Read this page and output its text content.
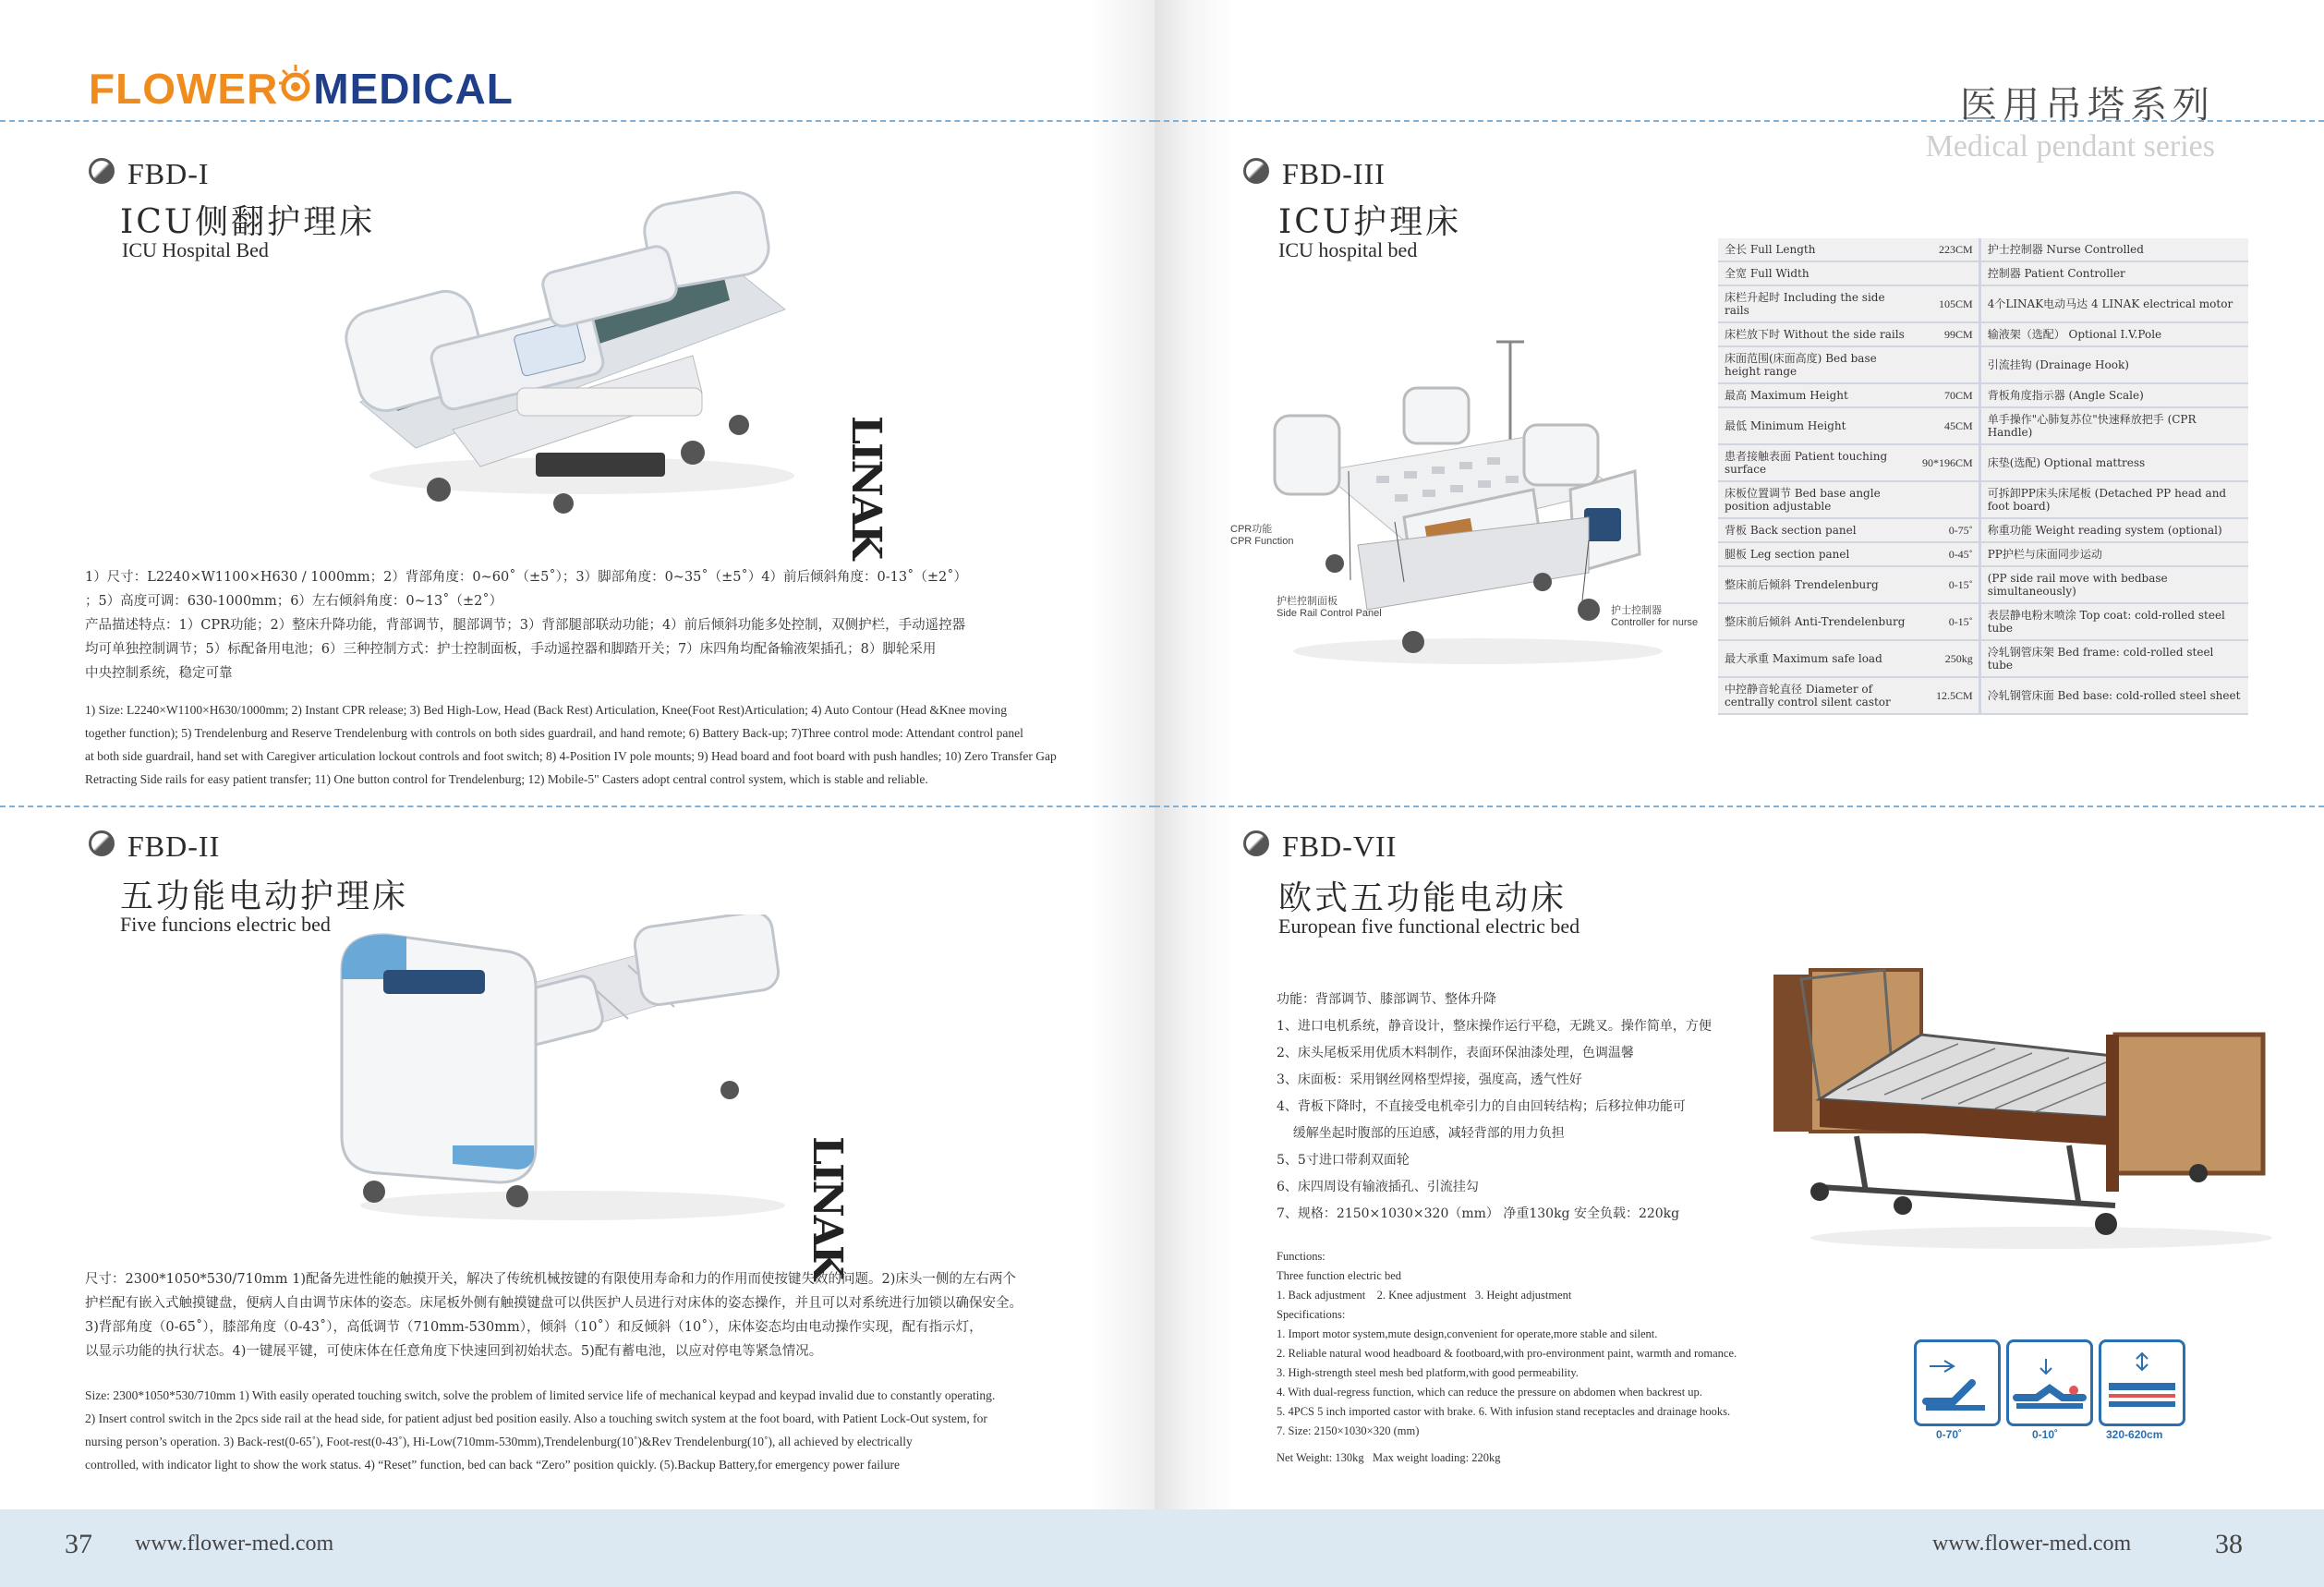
FLOWER MEDICAL
FBD-I
ICU侧翻护理床
ICU Hospital Bed
LINAK
1）尺寸：L2240×W1100×H630 / 1000mm；2）背部角度：0~60˚（±5˚）；3）脚部角度：0~35˚（±5˚）4）前后倾斜角度：0-13˚（±2˚）
；5）高度可调：630-1000mm；6）左右倾斜角度：0~13˚（±2˚）
产品描述特点：1）CPR功能；2）整床升降功能，背部调节，腿部调节；3）背部腿部联动功能；4）前后倾斜功能多处控制，双侧护栏，手动遥控器
均可单独控制调节；5）标配备用电池；6）三种控制方式：护士控制面板，手动遥控器和脚踏开关；7）床四角均配备输液架插孔；8）脚轮采用
中央控制系统，稳定可靠
1) Size: L2240×W1100×H630/1000mm; 2) Instant CPR release; 3) Bed High-Low, Head (Back Rest) Articulation, Knee(Foot Rest)Articulation; 4) Auto Contour (Head &Knee moving
together function); 5) Trendelenburg and Reserve Trendelenburg with controls on both sides guardrail, and hand remote; 6) Battery Back-up; 7)Three control mode: Attendant control panel
at both side guardrail, hand set with Caregiver articulation lockout controls and foot switch; 8) 4-Position IV pole mounts; 9) Head board and foot board with push handles; 10) Zero Transfer Gap
Retracting Side rails for easy patient transfer; 11) One button control for Trendelenburg; 12) Mobile-5" Casters adopt central control system, which is stable and reliable.
FBD-II
五功能电动护理床
Five funcions electric bed
LINAK
尺寸：2300*1050*530/710mm 1)配备先进性能的触摸开关，解决了传统机械按键的有限使用寿命和力的作用而使按键失效的问题。2)床头一侧的左右两个
护栏配有嵌入式触摸键盘，便病人自由调节床体的姿态。床尾板外侧有触摸键盘可以供医护人员进行对床体的姿态操作，并且可以对系统进行加锁以确保安全。
3)背部角度（0-65˚），膝部角度（0-43˚），高低调节（710mm-530mm），倾斜（10˚）和反倾斜（10˚），床体姿态均由电动操作实现，配有指示灯，
以显示功能的执行状态。4)一键展平键，可使床体在任意角度下快速回到初始状态。5)配有蓄电池，以应对停电等紧急情况。
Size: 2300*1050*530/710mm 1) With easily operated touching switch, solve the problem of limited service life of mechanical keypad and keypad invalid due to constantly operating.
2) Insert control switch in the 2pcs side rail at the head side, for patient adjust bed position easily. Also a touching switch system at the foot board, with Patient Lock-Out system, for
nursing person’s operation. 3) Back-rest(0-65˚), Foot-rest(0-43˚), Hi-Low(710mm-530mm),Trendelenburg(10˚)&Rev Trendelenburg(10˚), all achieved by electrically
controlled, with indicator light to show the work status. 4) “Reset” function, bed can back “Zero” position quickly. (5).Backup Battery,for emergency power failure
37 www.flower-med.com
医用吊塔系列
Medical pendant series
FBD-III
ICU护理床
ICU hospital bed
CPR功能
CPR Function
护栏控制面板
Side Rail Control Panel	护士控制器
Controller for nurse
FBD-VII
欧式五功能电动床
European five functional electric bed
功能：背部调节、膝部调节、整体升降
1、进口电机系统，静音设计，整床操作运行平稳，无跳叉。操作简单，方便
2、床头尾板采用优质木料制作，表面环保油漆处理，色调温馨
3、床面板：采用钢丝网格型焊接，强度高，透气性好
4、背板下降时，不直接受电机牵引力的自由回转结构；后移拉伸功能可
缓解坐起时腹部的压迫感，减轻背部的用力负担
5、5寸进口带刹双面轮
6、床四周设有输液插孔、引流挂勾
7、规格：2150×1030×320（mm） 净重130kg 安全负载：220kg
Functions:
Three function electric bed
1. Back adjustment    2. Knee adjustment   3. Height adjustment
Specifications:
1. Import motor system,mute design,convenient for operate,more stable and silent.
2. Reliable natural wood headboard & footboard,with pro-environment paint, warmth and romance.
3. High-strength steel mesh bed platform,with good permeability.
4. With dual-regress function, which can reduce the pressure on abdomen when backrest up.
5. 4PCS 5 inch imported castor with brake. 6. With infusion stand receptacles and drainage hooks.
7. Size: 2150×1030×320 (mm)
Net Weight: 130kg   Max weight loading: 220kg
0-70˚	0-10˚	320-620cm
www.flower-med.com	38
全长 Full Length	223CM	护士控制器 Nurse Controlled
全宽 Full Width		控制器 Patient Controller
床栏升起时 Including the side rails	105CM	4个LINAK电动马达 4 LINAK electrical motor
床栏放下时 Without the side rails	99CM	输液架（选配） Optional I.V.Pole
床面范围(床面高度) Bed base height range		引流挂钩 (Drainage Hook)
最高 Maximum Height	70CM	背板角度指示器 (Angle Scale)
最低 Minimum Height	45CM	单手操作"心肺复苏位"快速释放把手 (CPR Handle)
患者接触表面 Patient touching surface	90*196CM	床垫(选配) Optional mattress
床板位置调节 Bed base angle position adjustable		可拆卸PP床头床尾板 (Detached PP head and foot board)
背板 Back section panel	0-75˚	称重功能 Weight reading system (optional)
腿板 Leg section panel	0-45˚	PP护栏与床面同步运动
整床前后倾斜 Trendelenburg	0-15˚	(PP side rail move with bedbase simultaneously)
整床前后倾斜 Anti-Trendelenburg	0-15˚	表层静电粉末喷涂 Top coat: cold-rolled steel tube
最大承重 Maximum safe load	250kg	冷轧钢管床架 Bed frame: cold-rolled steel tube
中控静音轮直径 Diameter of centrally control silent castor	12.5CM	冷轧钢管床面 Bed base: cold-rolled steel sheet
